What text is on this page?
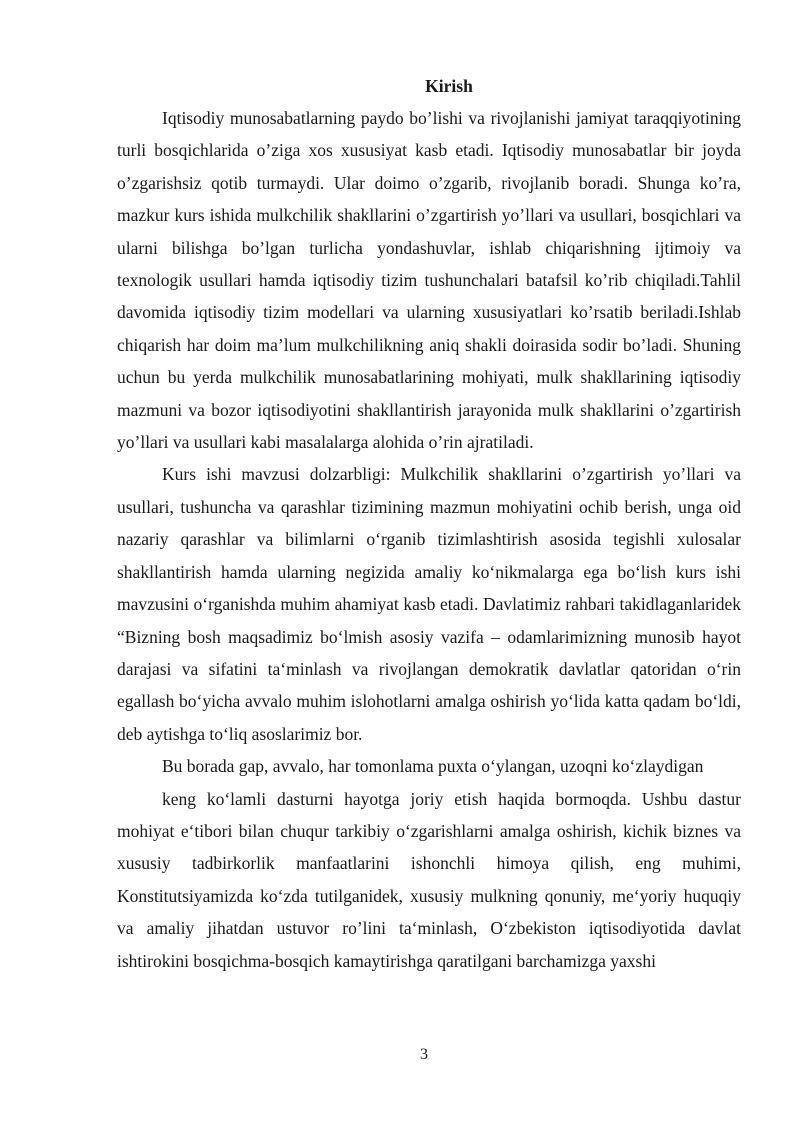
Kirish

Iqtisodiy munosabatlarning paydo bo’lishi va rivojlanishi jamiyat taraqqiyotining turli bosqichlarida o’ziga xos xususiyat kasb etadi. Iqtisodiy munosabatlar bir joyda o’zgarishsiz qotib turmaydi. Ular doimo o’zgarib, rivojlanib boradi. Shunga ko’ra, mazkur kurs ishida mulkchilik shakllarini o’zgartirish yo’llari va usullari, bosqichlari va ularni bilishga bo’lgan turlicha yondashuvlar, ishlab chiqarishning ijtimoiy va texnologik usullari hamda iqtisodiy tizim tushunchalari batafsil ko’rib chiqiladi.Tahlil davomida iqtisodiy tizim modellari va ularning xususiyatlari ko’rsatib beriladi.Ishlab chiqarish har doim ma’lum mulkchilikning aniq shakli doirasida sodir bo’ladi. Shuning uchun bu yerda mulkchilik munosabatlarining mohiyati, mulk shakllarining iqtisodiy mazmuni va bozor iqtisodiyotini shakllantirish jarayonida mulk shakllarini o’zgartirish yo’llari va usullari kabi masalalarga alohida o’rin ajratiladi.

Kurs ishi mavzusi dolzarbligi: Mulkchilik shakllarini o’zgartirish yo’llari va usullari, tushuncha va qarashlar tizimining mazmun mohiyatini ochib berish, unga oid nazariy qarashlar va bilimlarni o‘rganib tizimlashtirish asosida tegishli xulosalar shakllantirish hamda ularning negizida amaliy ko‘nikmalarga ega bo‘lish kurs ishi mavzusini o‘rganishda muhim ahamiyat kasb etadi. Davlatimiz rahbari takidlaganlaridek “Bizning bosh maqsadimiz bo‘lmish asosiy vazifa – odamlarimizning munosib hayot darajasi va sifatini ta‘minlash va rivojlangan demokratik davlatlar qatoridan o‘rin egallash bo‘yicha avvalo muhim islohotlarni amalga oshirish yo‘lida katta qadam bo‘ldi, deb aytishga to‘liq asoslarimiz bor.

Bu borada gap, avvalo, har tomonlama puxta o‘ylangan, uzoqni ko‘zlaydigan

keng ko‘lamli dasturni hayotga joriy etish haqida bormoqda. Ushbu dastur mohiyat e‘tibori bilan chuqur tarkibiy o‘zgarishlarni amalga oshirish, kichik biznes va xususiy tadbirkorlik manfaatlarini ishonchli himoya qilish, eng muhimi, Konstitutsiyamizda ko‘zda tutilganidek, xususiy mulkning qonuniy, me‘yoriy huquqiy va amaliy jihatdan ustuvor ro’lini ta‘minlash, O‘zbekiston iqtisodiyotida davlat ishtirokini bosqichma-bosqich kamaytirishga qaratilgani barchamizga yaxshi

3
